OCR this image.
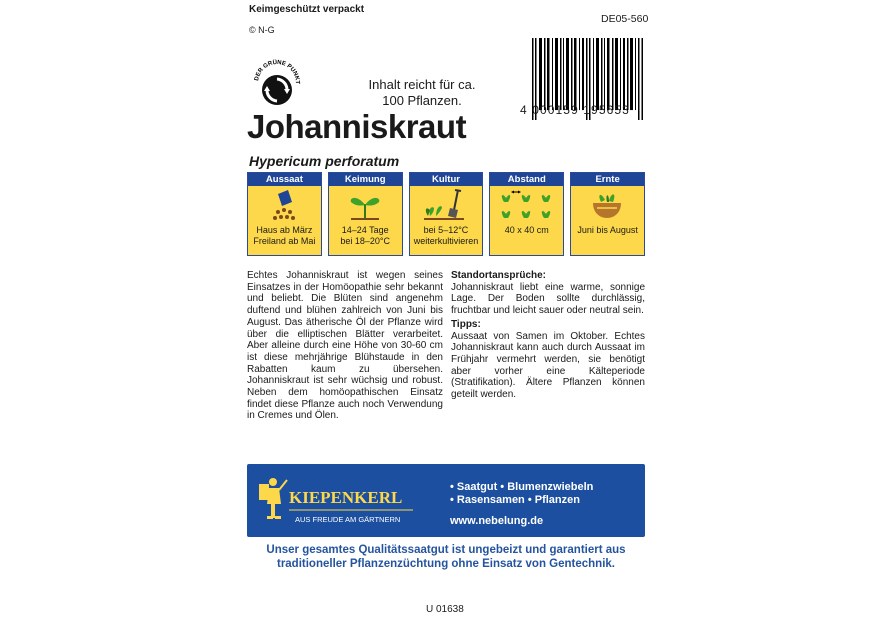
Keimgeschützt verpackt
DE05-560
© N-G
DER GRÜNE PUNKT	Inhalt reicht für ca.
100 Pflanzen.
4 000159 195653
Johanniskraut
Hypericum perforatum
Aussaat
Haus ab März
Freiland ab Mai
Keimung
14–24 Tage
bei 18–20°C
Kultur
bei 5–12°C
weiterkultivieren
Abstand
40 x 40 cm
Ernte
Juni bis August
Echtes Johanniskraut ist wegen seines Einsatzes in der Homöopathie sehr bekannt und beliebt. Die Blüten sind angenehm duftend und blühen zahlreich von Juni bis August. Das ätherische Öl der Pflanze wird über die elliptischen Blätter verarbeitet. Aber alleine durch eine Höhe von 30-60 cm ist diese mehrjährige Blühstaude in den Rabatten kaum zu übersehen. Johanniskraut ist sehr wüchsig und robust. Neben dem homöopathischen Einsatz findet diese Pflanze auch noch Verwendung in Cremes und Ölen.

Standortansprüche:

Johanniskraut liebt eine warme, sonnige Lage. Der Boden sollte durchlässig, fruchtbar und leicht sauer oder neutral sein.

Tipps:

Aussaat von Samen im Oktober. Echtes Johanniskraut kann auch durch Aussaat im Frühjahr vermehrt werden, sie benötigt aber vorher eine Kälteperiode (Stratifikation). Ältere Pflanzen können geteilt werden.

KIEPENKERL
AUS FREUDE AM GÄRTNERN
• Saatgut • Blumenzwiebeln
• Rasensamen • Pflanzen
www.nebelung.de
Unser gesamtes Qualitätssaatgut ist ungebeizt und garantiert aus
traditioneller Pflanzenzüchtung ohne Einsatz von Gentechnik.
U 01638
